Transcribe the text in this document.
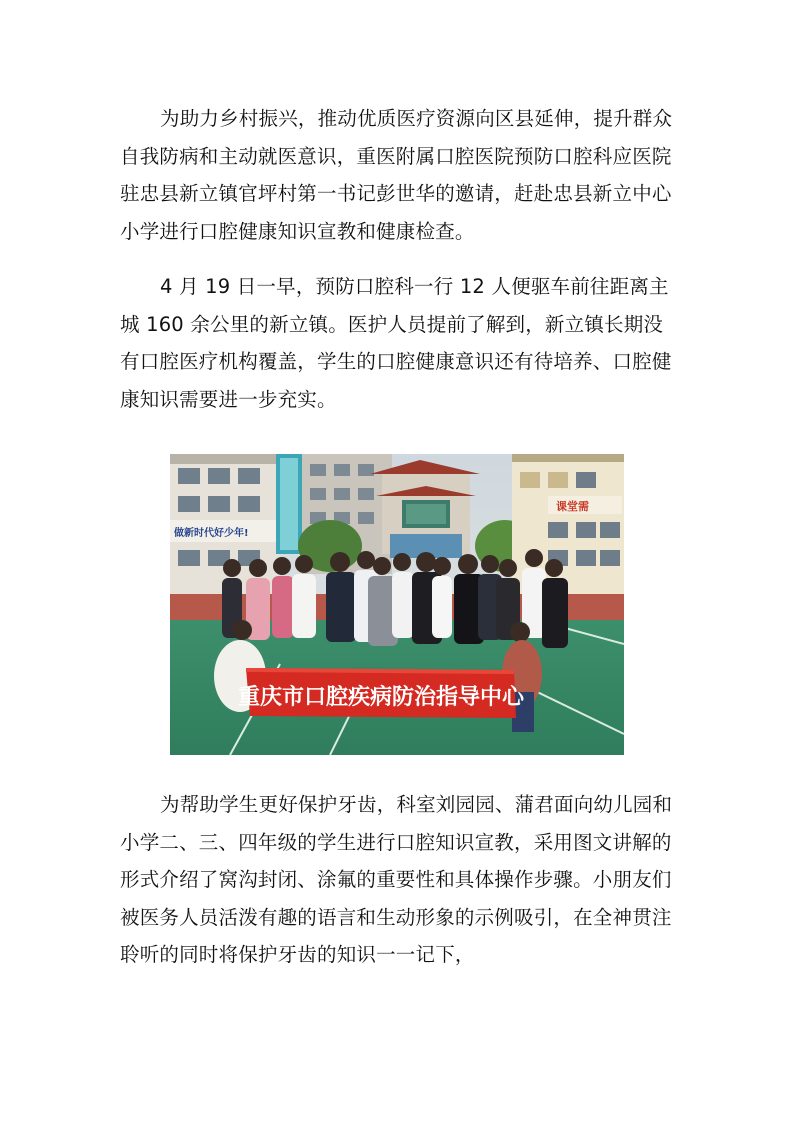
为助力乡村振兴，推动优质医疗资源向区县延伸，提升群众自我防病和主动就医意识，重医附属口腔医院预防口腔科应医院驻忠县新立镇官坪村第一书记彭世华的邀请，赶赴忠县新立中心小学进行口腔健康知识宣教和健康检查。

4 月 19 日一早，预防口腔科一行 12 人便驱车前往距离主城 160 余公里的新立镇。医护人员提前了解到，新立镇长期没有口腔医疗机构覆盖，学生的口腔健康意识还有待培养、口腔健康知识需要进一步充实。

做新时代好少年!
课堂需
重庆市口腔疾病防治指导中心

为帮助学生更好保护牙齿，科室刘园园、蒲君面向幼儿园和小学二、三、四年级的学生进行口腔知识宣教，采用图文讲解的形式介绍了窝沟封闭、涂氟的重要性和具体操作步骤。小朋友们被医务人员活泼有趣的语言和生动形象的示例吸引，在全神贯注聆听的同时将保护牙齿的知识一一记下，
